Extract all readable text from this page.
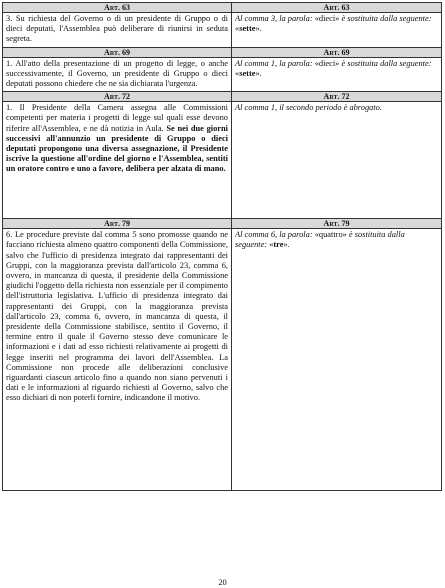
Art. 63	Art. 63
3. Su richiesta del Governo o di un presidente di Gruppo o di dieci deputati, l'Assemblea può deliberare di riunirsi in seduta segreta.	Al comma 3, la parola: «dieci» è sostituita dalla seguente: «sette».
Art. 69	Art. 69
1. All'atto della presentazione di un progetto di legge, o anche successivamente, il Governo, un presidente di Gruppo o dieci deputati possono chiedere che ne sia dichiarata l'urgenza.	Al comma 1, la parola: «dieci» è sostituita dalla seguente: «sette».
Art. 72	Art. 72
1. Il Presidente della Camera assegna alle Commissioni competenti per materia i progetti di legge sul quali esse devono riferire all'Assemblea, e ne dà notizia in Aula. Se nei due giorni successivi all'annunzio un presidente di Gruppo o dieci deputati propongono una diversa assegnazione, il Presidente iscrive la questione all'ordine del giorno e l'Assemblea, sentiti un oratore contro e uno a favore, delibera per alzata di mano.	Al comma 1, il secondo periodo è abrogato.
Art. 79	Art. 79
6. Le procedure previste dal comma 5 sono promosse quando ne facciano richiesta almeno quattro componenti della Commissione, salvo che l'ufficio di presidenza integrato dai rappresentanti dei Gruppi, con la maggioranza prevista dall'articolo 23, comma 6, ovvero, in mancanza di questa, il presidente della Commissione giudichi l'oggetto della richiesta non essenziale per il compimento dell'istruttoria legislativa. L'ufficio di presidenza integrato dai rappresentanti dei Gruppi, con la maggioranza prevista dall'articolo 23, comma 6, ovvero, in mancanza di questa, il presidente della Commissione stabilisce, sentito il Governo, il termine entro il quale il Governo stesso deve comunicare le informazioni e i dati ad esso richiesti relativamente ai progetti di legge inseriti nel programma dei lavori dell'Assemblea. La Commissione non procede alle deliberazioni conclusive riguardanti ciascun articolo fino a quando non siano pervenuti i dati e le informazioni al riguardo richiesti al Governo, salvo che esso dichiari di non poterli fornire, indicandone il motivo.	Al comma 6, la parola: «quattro» è sostituita dalla seguente: «tre».
20
